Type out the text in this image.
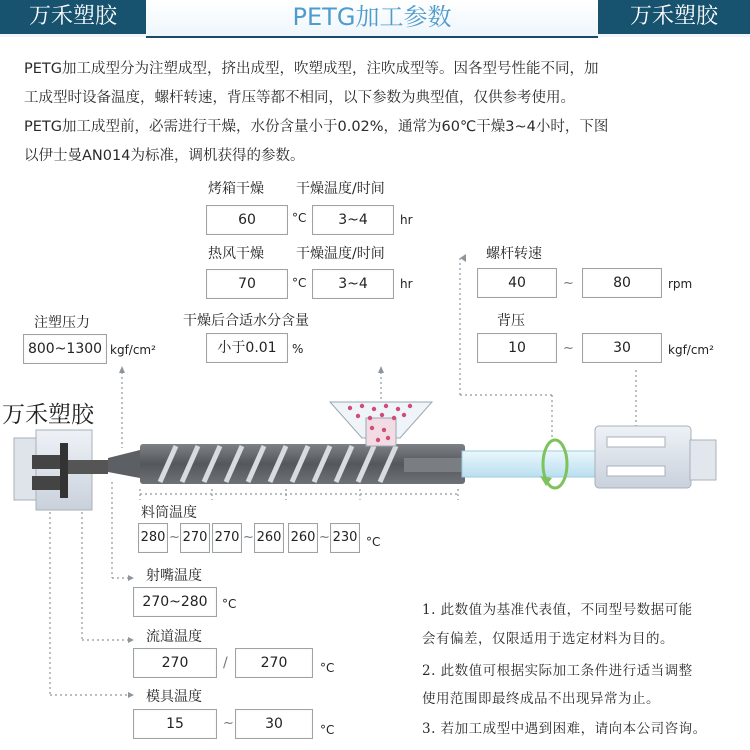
万禾塑胶	PETG加工参数	万禾塑胶
PETG加工成型分为注塑成型，挤出成型，吹塑成型，注吹成型等。因各型号性能不同，加
工成型时设备温度，螺杆转速，背压等都不相同，以下参数为典型值，仅供参考使用。
PETG加工成型前，必需进行干燥，水份含量小于0.02%，通常为60℃干燥3~4小时，下图
以伊士曼AN014为标准，调机获得的参数。
烤箱干燥 干燥温度/时间
60	°C	3~4	hr
热风干燥 干燥温度/时间
70	°C	3~4	hr
干燥后合适水分含量
小于0.01	%
注塑压力
800~1300 kgf/cm²
螺杆转速
40	~	80	rpm
背压
10	~	30	kgf/cm²
万禾塑胶
料筒温度
280 ~ 270 270 ~ 260 260 ~ 230 °C
射嘴温度
270~280	°C
流道温度
270	/	270	°C
模具温度
15	~	30	°C
1. 此数值为基准代表值，不同型号数据可能
会有偏差，仅限适用于选定材料为目的。
2. 此数值可根据实际加工条件进行适当调整
使用范围即最终成品不出现异常为止。
3. 若加工成型中遇到困难，请向本公司咨询。
